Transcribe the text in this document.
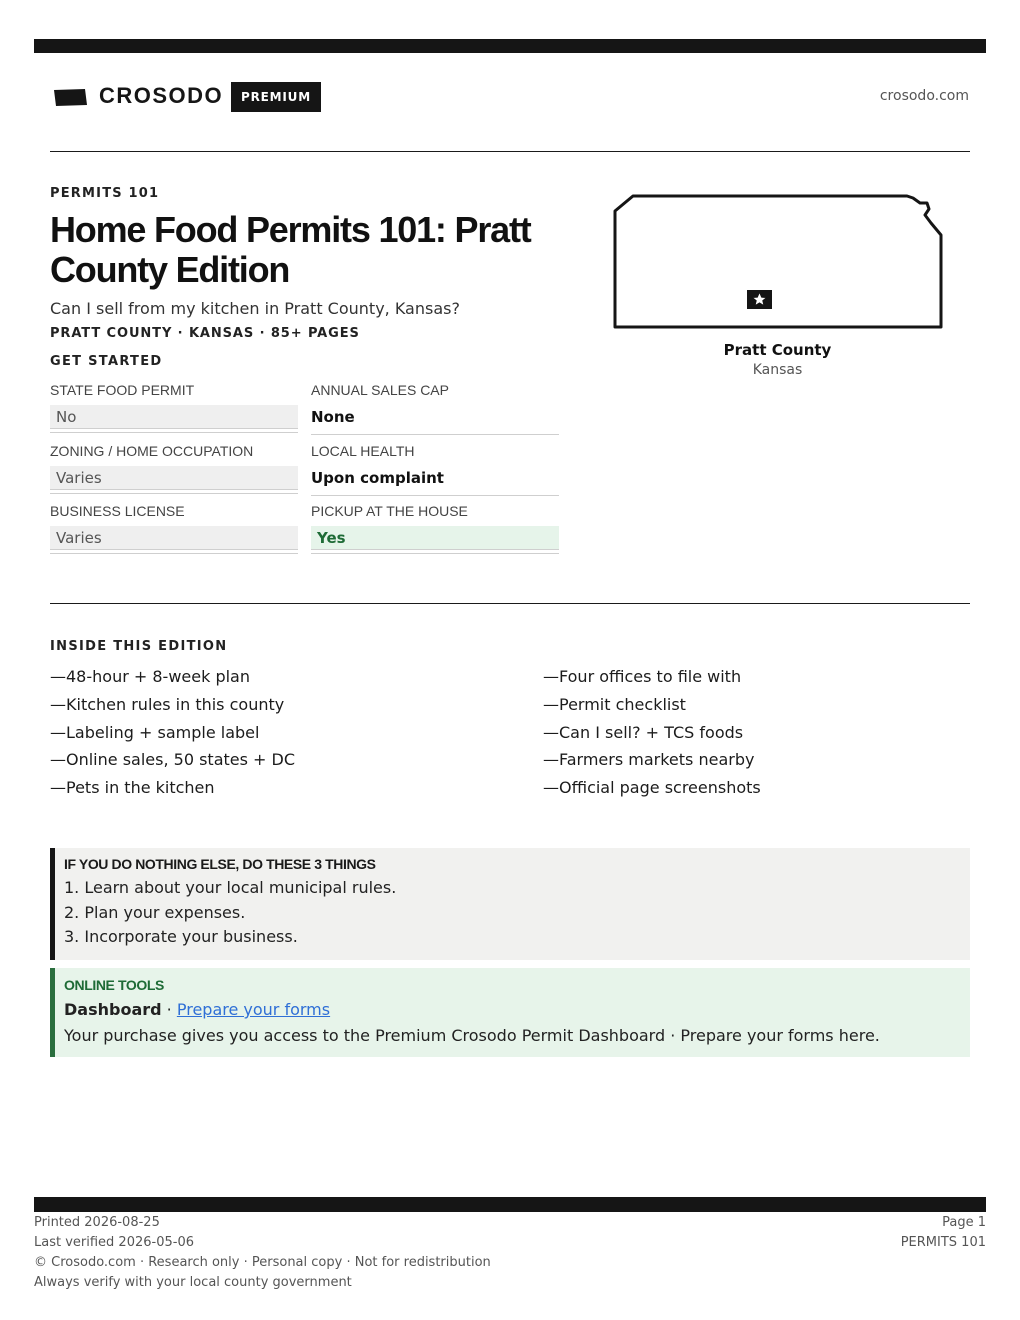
CROSODO	PREMIUM	crosodo.com
PERMITS 101
Home Food Permits 101: Pratt County Edition
Can I sell from my kitchen in Pratt County, Kansas?
PRATT COUNTY · KANSAS · 85+ PAGES
GET STARTED
STATE FOOD PERMIT
No
ANNUAL SALES CAP
None
ZONING / HOME OCCUPATION
Varies
LOCAL HEALTH
Upon complaint
BUSINESS LICENSE
Varies
PICKUP AT THE HOUSE
Yes
Pratt County
Kansas
INSIDE THIS EDITION
—48-hour + 8-week plan
—Kitchen rules in this county
—Labeling + sample label
—Online sales, 50 states + DC
—Pets in the kitchen
—Four offices to file with
—Permit checklist
—Can I sell? + TCS foods
—Farmers markets nearby
—Official page screenshots
IF YOU DO NOTHING ELSE, DO THESE 3 THINGS
1. Learn about your local municipal rules.
2. Plan your expenses.
3. Incorporate your business.
ONLINE TOOLS
Dashboard · Prepare your forms
Your purchase gives you access to the Premium Crosodo Permit Dashboard · Prepare your forms here.
Printed 2026-08-25
Last verified 2026-05-06
© Crosodo.com · Research only · Personal copy · Not for redistribution
Always verify with your local county government
Page 1
PERMITS 101
